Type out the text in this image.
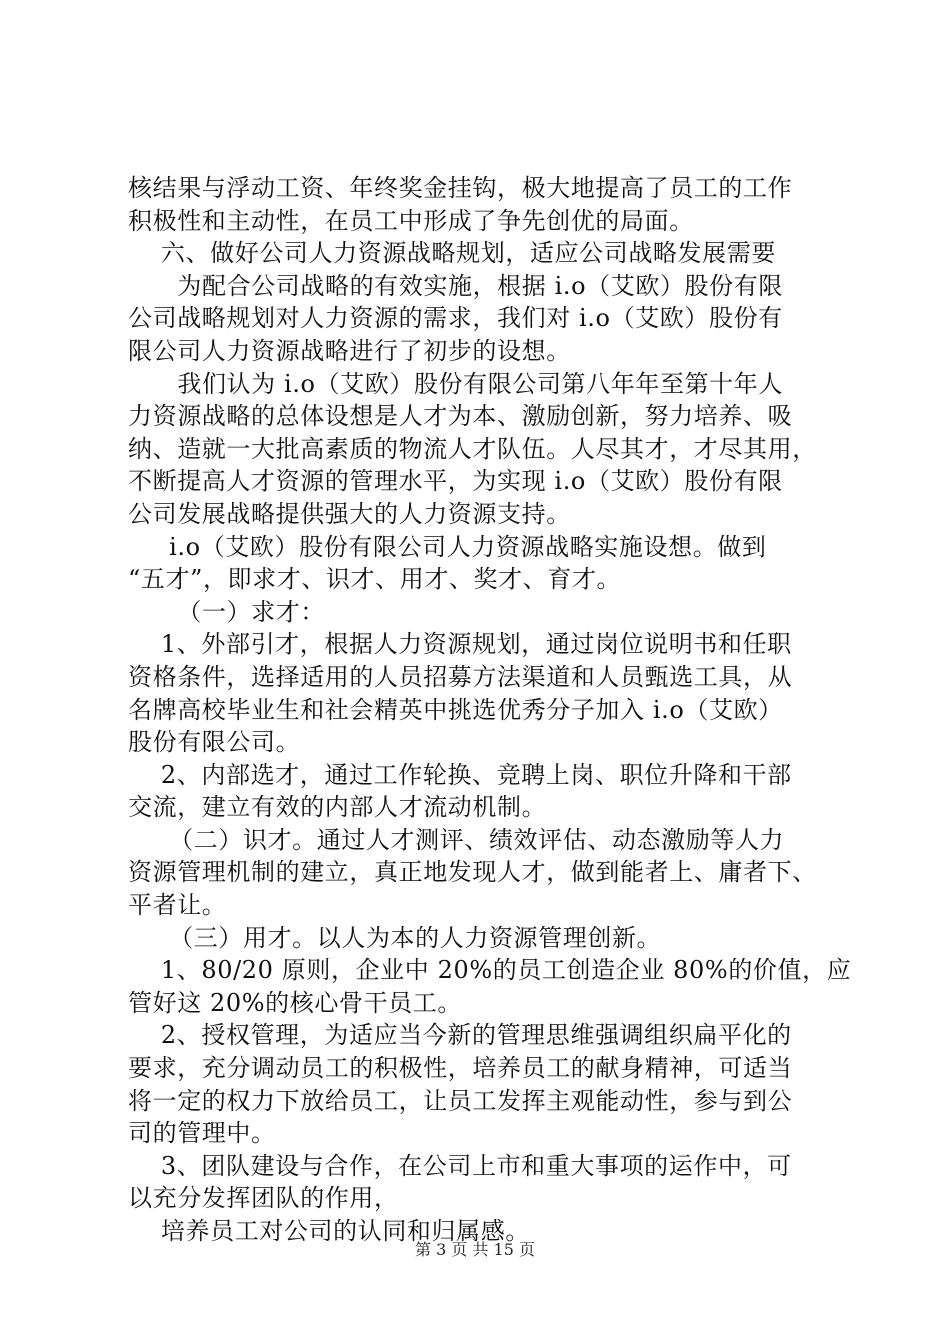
核结果与浮动工资、年终奖金挂钩，极大地提高了员工的工作
积极性和主动性，在员工中形成了争先创优的局面。
六、做好公司人力资源战略规划，适应公司战略发展需要
为配合公司战略的有效实施，根据 i.o（艾欧）股份有限
公司战略规划对人力资源的需求，我们对 i.o（艾欧）股份有
限公司人力资源战略进行了初步的设想。
我们认为 i.o（艾欧）股份有限公司第八年年至第十年人
力资源战略的总体设想是人才为本、激励创新，努力培养、吸
纳、造就一大批高素质的物流人才队伍。人尽其才，才尽其用，
不断提高人才资源的管理水平，为实现 i.o（艾欧）股份有限
公司发展战略提供强大的人力资源支持。
i.o（艾欧）股份有限公司人力资源战略实施设想。做到
“五才”，即求才、识才、用才、奖才、育才。
（一）求才：
1、外部引才，根据人力资源规划，通过岗位说明书和任职
资格条件，选择适用的人员招募方法渠道和人员甄选工具，从
名牌高校毕业生和社会精英中挑选优秀分子加入 i.o（艾欧）
股份有限公司。
2、内部选才，通过工作轮换、竞聘上岗、职位升降和干部
交流，建立有效的内部人才流动机制。
（二）识才。通过人才测评、绩效评估、动态激励等人力
资源管理机制的建立，真正地发现人才，做到能者上、庸者下、
平者让。
（三）用才。以人为本的人力资源管理创新。
1、80/20 原则，企业中 20%的员工创造企业 80%的价值，应
管好这 20%的核心骨干员工。
2、授权管理，为适应当今新的管理思维强调组织扁平化的
要求，充分调动员工的积极性，培养员工的献身精神，可适当
将一定的权力下放给员工，让员工发挥主观能动性，参与到公
司的管理中。
3、团队建设与合作，在公司上市和重大事项的运作中，可
以充分发挥团队的作用，
培养员工对公司的认同和归属感。
第 3 页 共 15 页
